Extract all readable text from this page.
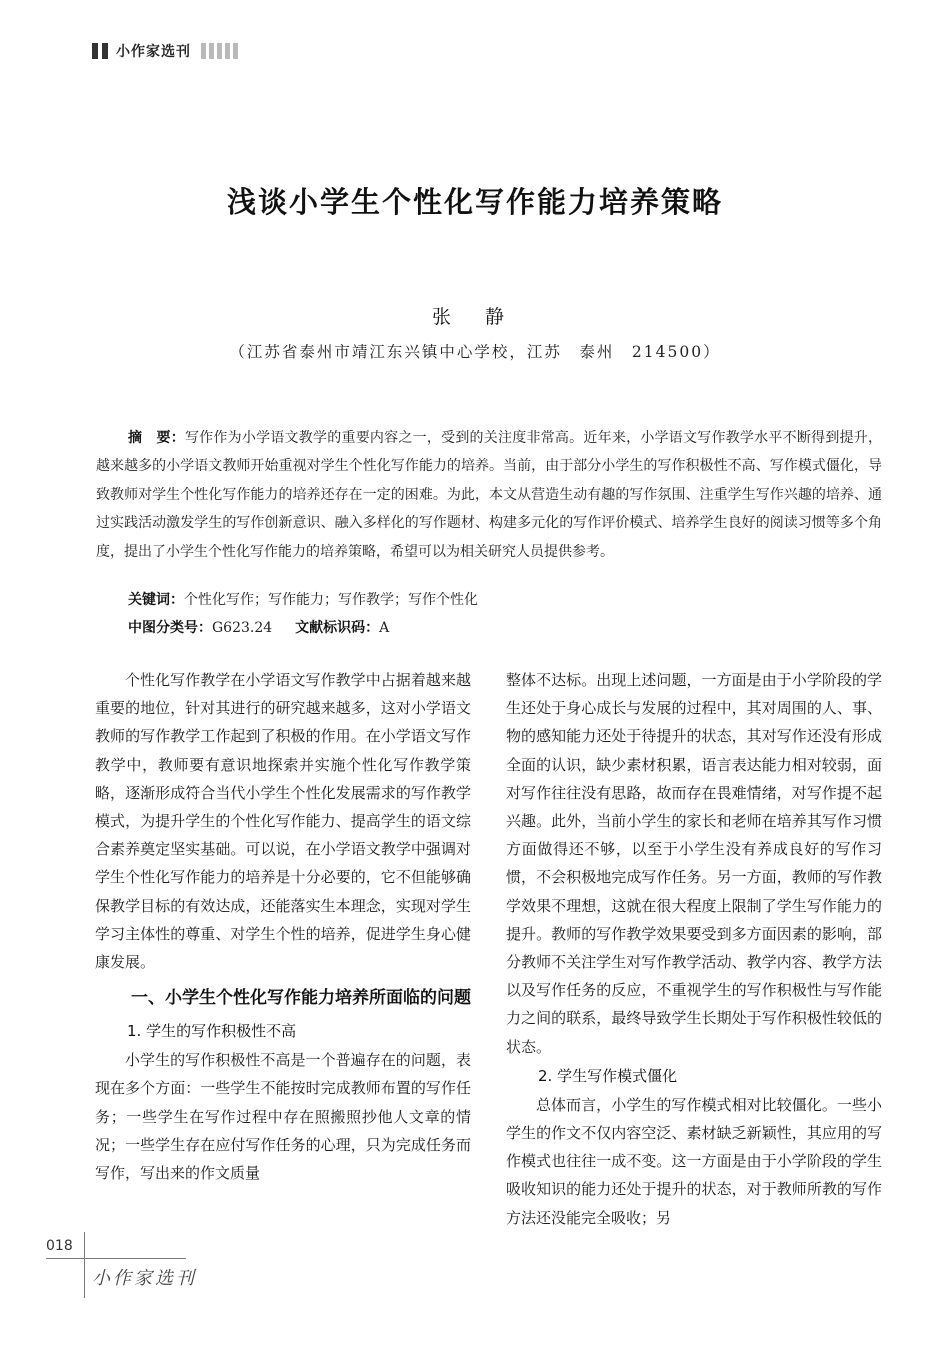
小作家选刊
浅谈小学生个性化写作能力培养策略
张 静
（江苏省泰州市靖江东兴镇中心学校，江苏　泰州　214500）
摘　要：写作作为小学语文教学的重要内容之一，受到的关注度非常高。近年来，小学语文写作教学水平不断得到提升，越来越多的小学语文教师开始重视对学生个性化写作能力的培养。当前，由于部分小学生的写作积极性不高、写作模式僵化，导致教师对学生个性化写作能力的培养还存在一定的困难。为此，本文从营造生动有趣的写作氛围、注重学生写作兴趣的培养、通过实践活动激发学生的写作创新意识、融入多样化的写作题材、构建多元化的写作评价模式、培养学生良好的阅读习惯等多个角度，提出了小学生个性化写作能力的培养策略，希望可以为相关研究人员提供参考。
关键词：个性化写作；写作能力；写作教学；写作个性化
中图分类号：G623.24 文献标识码：A

个性化写作教学在小学语文写作教学中占据着越来越重要的地位，针对其进行的研究越来越多，这对小学语文教师的写作教学工作起到了积极的作用。在小学语文写作教学中，教师要有意识地探索并实施个性化写作教学策略，逐渐形成符合当代小学生个性化发展需求的写作教学模式，为提升学生的个性化写作能力、提高学生的语文综合素养奠定坚实基础。可以说，在小学语文教学中强调对学生个性化写作能力的培养是十分必要的，它不但能够确保教学目标的有效达成，还能落实生本理念，实现对学生学习主体性的尊重、对学生个性的培养，促进学生身心健康发展。

一、小学生个性化写作能力培养所面临的问题
1. 学生的写作积极性不高

小学生的写作积极性不高是一个普遍存在的问题，表现在多个方面：一些学生不能按时完成教师布置的写作任务；一些学生在写作过程中存在照搬照抄他人文章的情况；一些学生存在应付写作任务的心理，只为完成任务而写作，写出来的作文质量

整体不达标。出现上述问题，一方面是由于小学阶段的学生还处于身心成长与发展的过程中，其对周围的人、事、物的感知能力还处于待提升的状态，其对写作还没有形成全面的认识，缺少素材积累，语言表达能力相对较弱，面对写作往往没有思路，故而存在畏难情绪，对写作提不起兴趣。此外，当前小学生的家长和老师在培养其写作习惯方面做得还不够，以至于小学生没有养成良好的写作习惯，不会积极地完成写作任务。另一方面，教师的写作教学效果不理想，这就在很大程度上限制了学生写作能力的提升。教师的写作教学效果要受到多方面因素的影响，部分教师不关注学生对写作教学活动、教学内容、教学方法以及写作任务的反应，不重视学生的写作积极性与写作能力之间的联系，最终导致学生长期处于写作积极性较低的状态。

2. 学生写作模式僵化

总体而言，小学生的写作模式相对比较僵化。一些小学生的作文不仅内容空泛、素材缺乏新颖性，其应用的写作模式也往往一成不变。这一方面是由于小学阶段的学生吸收知识的能力还处于提升的状态，对于教师所教的写作方法还没能完全吸收；另

018
小作家选刊
